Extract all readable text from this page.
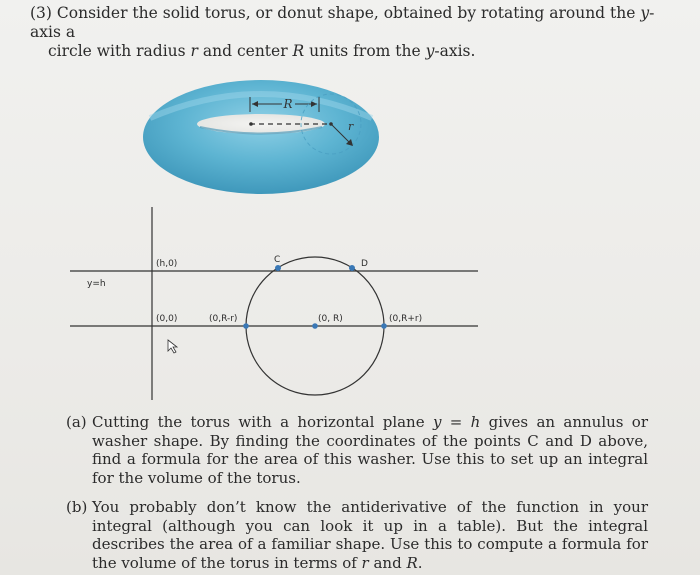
(3) Consider the solid torus, or donut shape, obtained by rotating around the y-axis a
circle with radius r and center R units from the y-axis.
R
r
y=h
(h,0)
(0,0)	(0,R-r)	(0, R)	(0,R+r)
C	D
(a) Cutting the torus with a horizontal plane y = h gives an annulus or washer shape. By finding the coordinates of the points C and D above, find a formula for the area of this washer. Use this to set up an integral for the volume of the torus.
(b) You probably don’t know the antiderivative of the function in your integral (although you can look it up in a table). But the integral describes the area of a familiar shape. Use this to compute a formula for the volume of the torus in terms of r and R.
